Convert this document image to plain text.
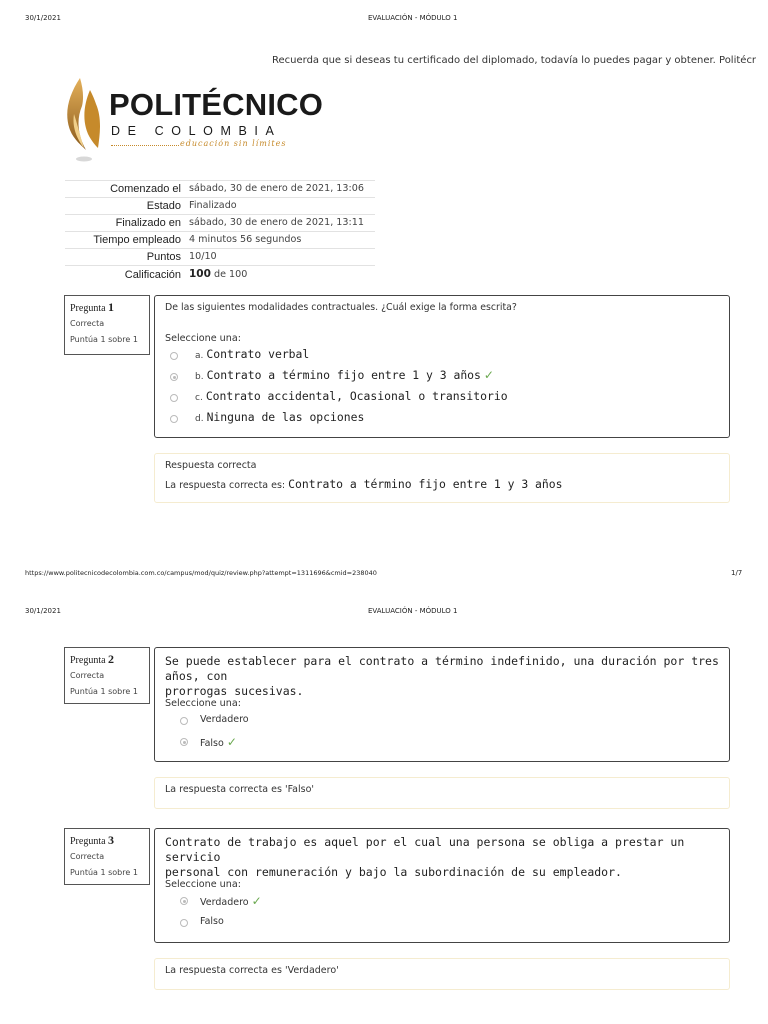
30/1/2021	EVALUACIÓN - MÓDULO 1
Recuerda que si deseas tu certificado del diplomado, todavía lo puedes pagar y obtener. Politécr
POLITÉCNICO
DE COLOMBIA
educación sin límites
Comenzado el	sábado, 30 de enero de 2021, 13:06
Estado	Finalizado
Finalizado en	sábado, 30 de enero de 2021, 13:11
Tiempo empleado	4 minutos 56 segundos
Puntos	10/10
Calificación	100 de 100
Pregunta 1
Correcta
Puntúa 1 sobre 1
De las siguientes modalidades contractuales. ¿Cuál exige la forma escrita?
Seleccione una:
a. Contrato verbal
b. Contrato a término fijo entre 1 y 3 años ✓
c. Contrato accidental, Ocasional o transitorio
d. Ninguna de las opciones
Respuesta correcta
La respuesta correcta es: Contrato a término fijo entre 1 y 3 años
https://www.politecnicodecolombia.com.co/campus/mod/quiz/review.php?attempt=1311696&cmid=238040	1/7
30/1/2021	EVALUACIÓN - MÓDULO 1
Pregunta 2
Correcta
Puntúa 1 sobre 1
Se puede establecer para el contrato a término indefinido, una duración por tres años, con
prorrogas sucesivas.
Seleccione una:
Verdadero
Falso ✓
La respuesta correcta es 'Falso'
Pregunta 3
Correcta
Puntúa 1 sobre 1
Contrato de trabajo es aquel por el cual una persona se obliga a prestar un servicio
personal con remuneración y bajo la subordinación de su empleador.
Seleccione una:
Verdadero ✓
Falso
La respuesta correcta es 'Verdadero'
